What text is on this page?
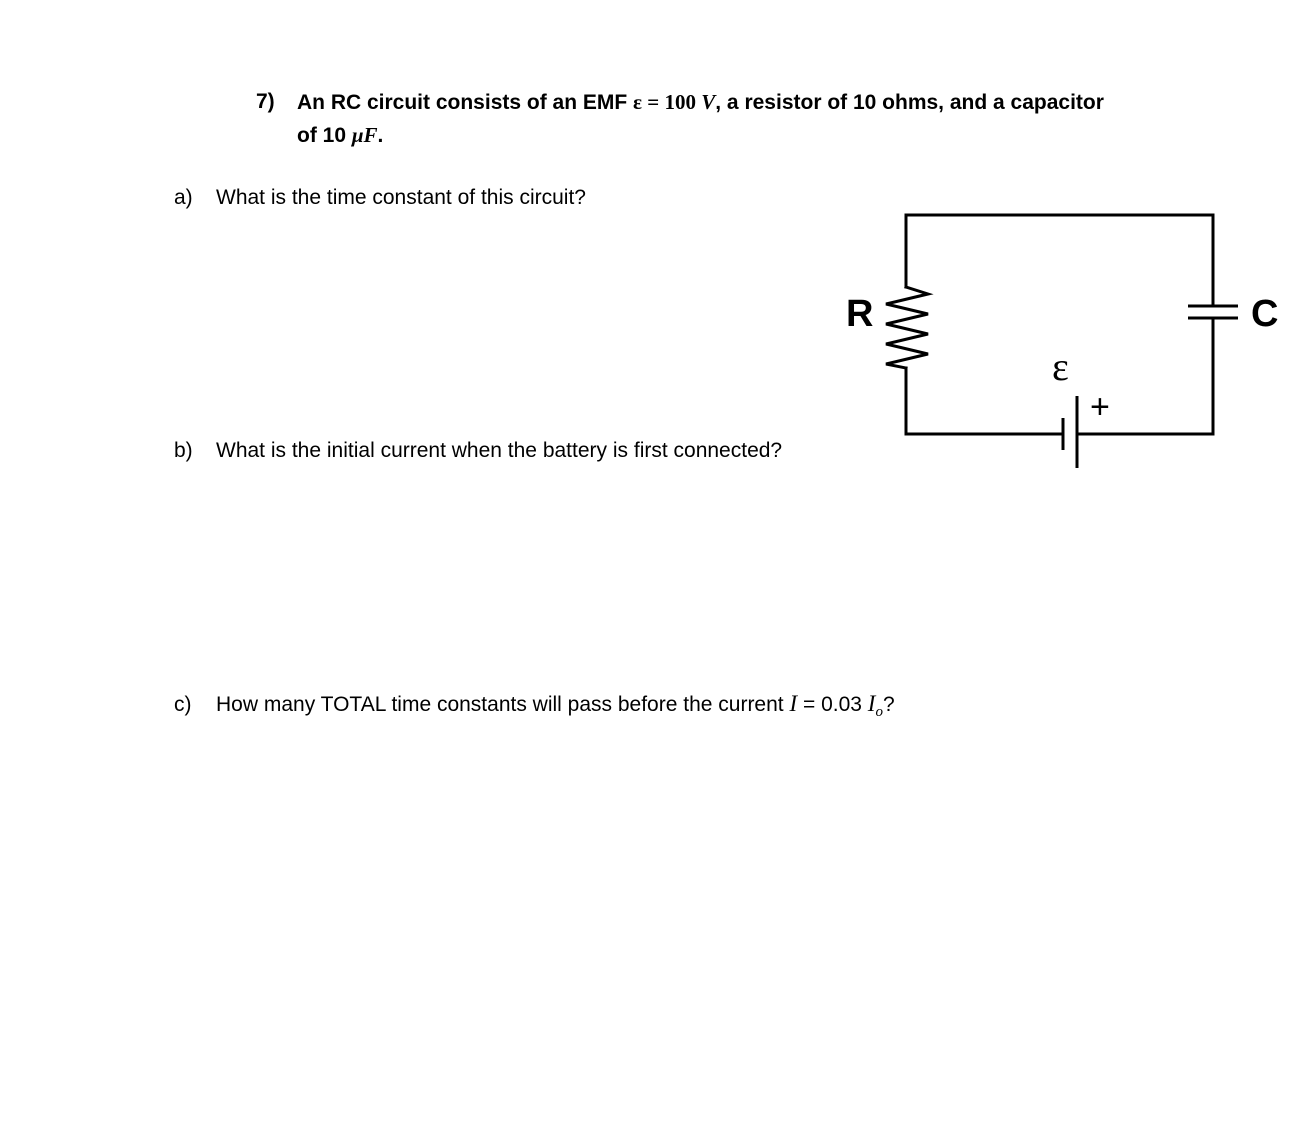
7) An RC circuit consists of an EMF ε = 100 V, a resistor of 10 ohms, and a capacitor
of 10 μF.
a) What is the time constant of this circuit?
b) What is the initial current when the battery is first connected?
c) How many TOTAL time constants will pass before the current I = 0.03 $I_o$?
R	C
ε
+
